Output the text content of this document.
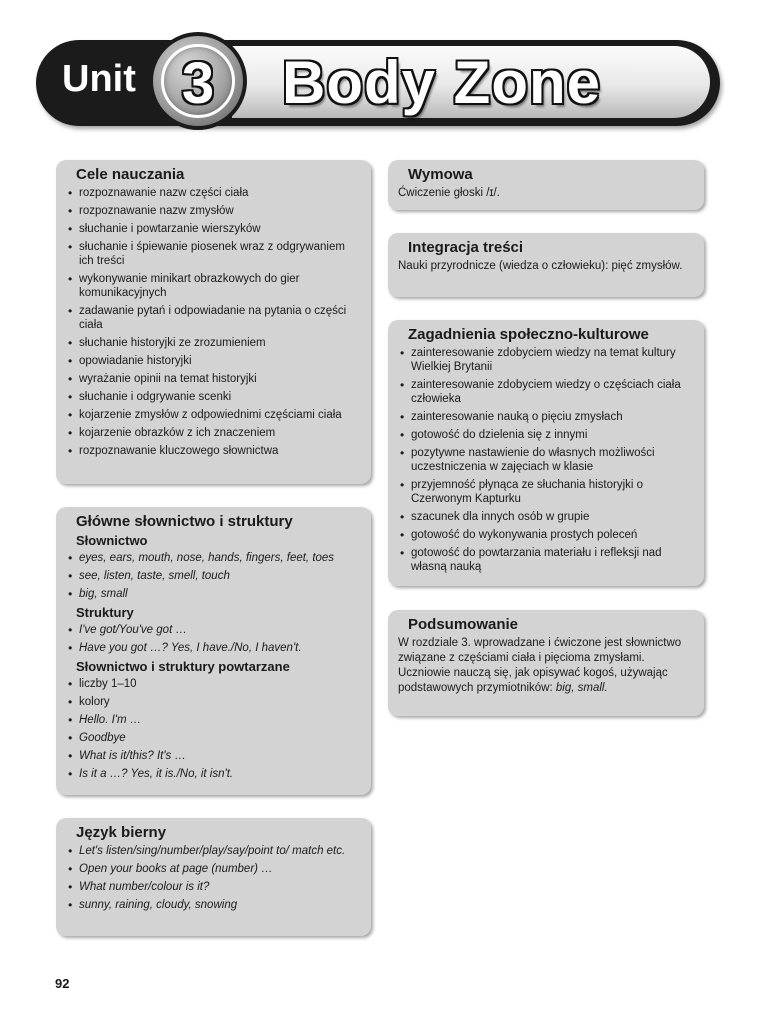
Unit 3	Body Zone
Cele nauczania
• rozpoznawanie nazw części ciała
• rozpoznawanie nazw zmysłów
• słuchanie i powtarzanie wierszyków
• słuchanie i śpiewanie piosenek wraz z odgrywaniem ich treści
• wykonywanie minikart obrazkowych do gier komunikacyjnych
• zadawanie pytań i odpowiadanie na pytania o części ciała
• słuchanie historyjki ze zrozumieniem
• opowiadanie historyjki
• wyrażanie opinii na temat historyjki
• słuchanie i odgrywanie scenki
• kojarzenie zmysłów z odpowiednimi częściami ciała
• kojarzenie obrazków z ich znaczeniem
• rozpoznawanie kluczowego słownictwa
Główne słownictwo i struktury
Słownictwo
• eyes, ears, mouth, nose, hands, fingers, feet, toes
• see, listen, taste, smell, touch
• big, small
Struktury
• I've got/You've got …
• Have you got …? Yes, I have./No, I haven't.
Słownictwo i struktury powtarzane
• liczby 1–10
• kolory
• Hello. I'm …
• Goodbye
• What is it/this? It's …
• Is it a …? Yes, it is./No, it isn't.
Język bierny
• Let's listen/sing/number/play/say/point to/ match etc.
• Open your books at page (number) …
• What number/colour is it?
• sunny, raining, cloudy, snowing
Wymowa

Ćwiczenie głoski /ɪ/.

Integracja treści

Nauki przyrodnicze (wiedza o człowieku): pięć zmysłów.

Zagadnienia społeczno-kulturowe
• zainteresowanie zdobyciem wiedzy na temat kultury Wielkiej Brytanii
• zainteresowanie zdobyciem wiedzy o częściach ciała człowieka
• zainteresowanie nauką o pięciu zmysłach
• gotowość do dzielenia się z innymi
• pozytywne nastawienie do własnych możliwości uczestniczenia w zajęciach w klasie
• przyjemność płynąca ze słuchania historyjki o Czerwonym Kapturku
• szacunek dla innych osób w grupie
• gotowość do wykonywania prostych poleceń
• gotowość do powtarzania materiału i refleksji nad własną nauką
Podsumowanie

W rozdziale 3. wprowadzane i ćwiczone jest słownictwo związane z częściami ciała i pięcioma zmysłami. Uczniowie nauczą się, jak opisywać kogoś, używając podstawowych przymiotników: big, small.

92
